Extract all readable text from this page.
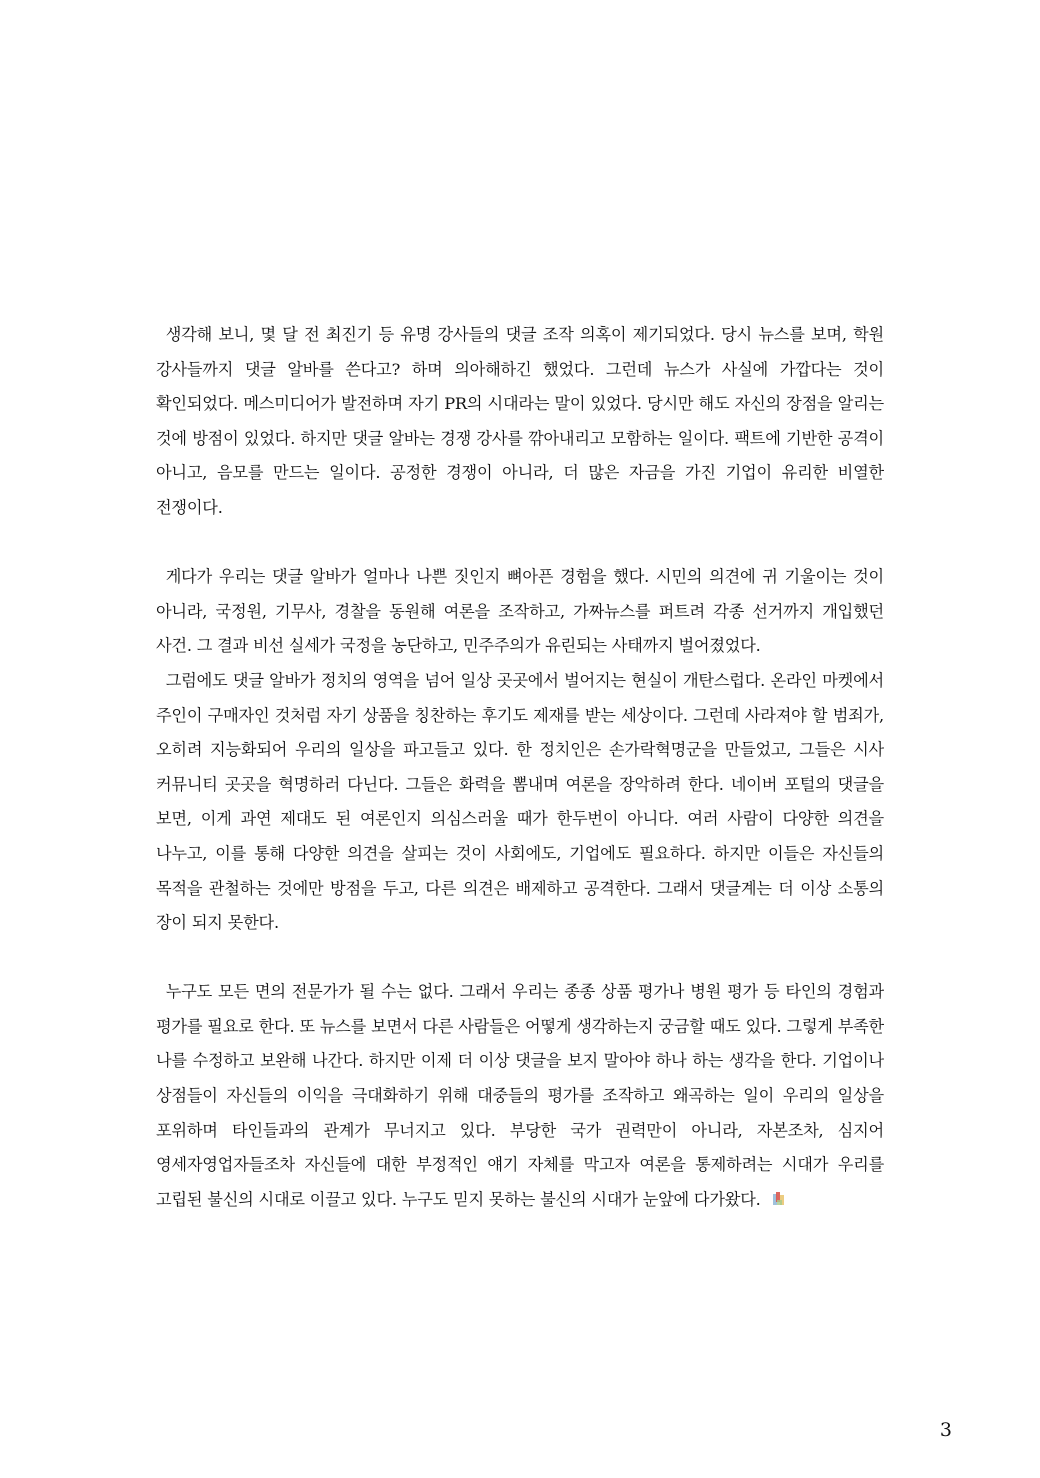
생각해 보니, 몇 달 전 최진기 등 유명 강사들의 댓글 조작 의혹이 제기되었다. 당시 뉴스를 보며, 학원 강사들까지 댓글 알바를 쓴다고? 하며 의아해하긴 했었다. 그런데 뉴스가 사실에 가깝다는 것이 확인되었다. 메스미디어가 발전하며 자기 PR의 시대라는 말이 있었다. 당시만 해도 자신의 장점을 알리는 것에 방점이 있었다. 하지만 댓글 알바는 경쟁 강사를 깎아내리고 모함하는 일이다. 팩트에 기반한 공격이 아니고, 음모를 만드는 일이다. 공정한 경쟁이 아니라, 더 많은 자금을 가진 기업이 유리한 비열한 전쟁이다.

게다가 우리는 댓글 알바가 얼마나 나쁜 짓인지 뼈아픈 경험을 했다. 시민의 의견에 귀 기울이는 것이 아니라, 국정원, 기무사, 경찰을 동원해 여론을 조작하고, 가짜뉴스를 퍼트려 각종 선거까지 개입했던 사건. 그 결과 비선 실세가 국정을 농단하고, 민주주의가 유린되는 사태까지 벌어졌었다.

그럼에도 댓글 알바가 정치의 영역을 넘어 일상 곳곳에서 벌어지는 현실이 개탄스럽다. 온라인 마켓에서 주인이 구매자인 것처럼 자기 상품을 칭찬하는 후기도 제재를 받는 세상이다. 그런데 사라져야 할 범죄가, 오히려 지능화되어 우리의 일상을 파고들고 있다. 한 정치인은 손가락혁명군을 만들었고, 그들은 시사 커뮤니티 곳곳을 혁명하러 다닌다. 그들은 화력을 뽐내며 여론을 장악하려 한다. 네이버 포털의 댓글을 보면, 이게 과연 제대도 된 여론인지 의심스러울 때가 한두번이 아니다. 여러 사람이 다양한 의견을 나누고, 이를 통해 다양한 의견을 살피는 것이 사회에도, 기업에도 필요하다. 하지만 이들은 자신들의 목적을 관철하는 것에만 방점을 두고, 다른 의견은 배제하고 공격한다. 그래서 댓글계는 더 이상 소통의 장이 되지 못한다.

누구도 모든 면의 전문가가 될 수는 없다. 그래서 우리는 종종 상품 평가나 병원 평가 등 타인의 경험과 평가를 필요로 한다. 또 뉴스를 보면서 다른 사람들은 어떻게 생각하는지 궁금할 때도 있다. 그렇게 부족한 나를 수정하고 보완해 나간다. 하지만 이제 더 이상 댓글을 보지 말아야 하나 하는 생각을 한다. 기업이나 상점들이 자신들의 이익을 극대화하기 위해 대중들의 평가를 조작하고 왜곡하는 일이 우리의 일상을 포위하며 타인들과의 관계가 무너지고 있다. 부당한 국가 권력만이 아니라, 자본조차, 심지어 영세자영업자들조차 자신들에 대한 부정적인 얘기 자체를 막고자 여론을 통제하려는 시대가 우리를 고립된 불신의 시대로 이끌고 있다. 누구도 믿지 못하는 불신의 시대가 눈앞에 다가왔다.

3
